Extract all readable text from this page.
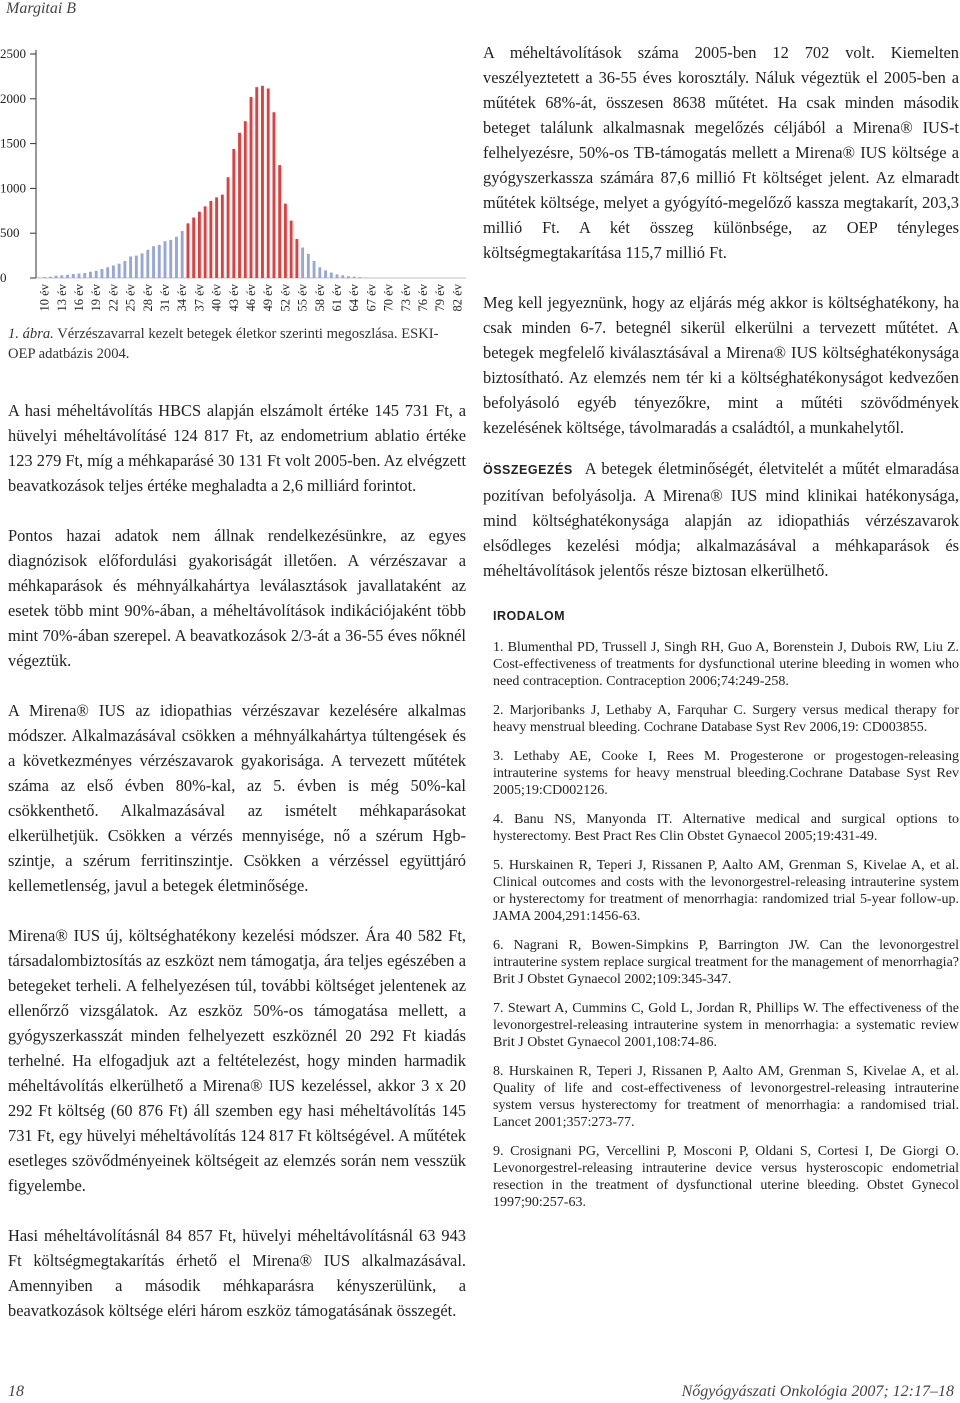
Margitai B
0
500
1000
1500
2000
2500
10 év 13 év 16 év 19 év 22 év 25 év 28 év 31 év 34 év 37 év 40 év 43 év 46 év 49 év 52 év 55 év 58 év 61 év 64 év 67 év 70 év 73 év 76 év 79 év 82 év
1. ábra. Vérzészavarral kezelt betegek életkor szerinti megoszlása. ESKI-OEP adatbázis 2004.

A hasi méheltávolítás HBCS alapján elszámolt értéke 145 731 Ft, a hüvelyi méheltávolításé 124 817 Ft, az endometrium ablatio értéke 123 279 Ft, míg a méhkaparásé 30 131 Ft volt 2005-ben. Az elvégzett beavatkozások teljes értéke meghaladta a 2,6 milliárd forintot.

Pontos hazai adatok nem állnak rendelkezésünkre, az egyes diagnózisok előfordulási gyakoriságát illetően. A vérzészavar a méhkaparások és méhnyálkahártya leválasztások javallataként az esetek több mint 90%-ában, a méheltávolítások indikációjaként több mint 70%-ában szerepel. A beavatkozások 2/3-át a 36-55 éves nőknél végeztük.

A Mirena® IUS az idiopathias vérzészavar kezelésére alkalmas módszer. Alkalmazásával csökken a méhnyálkahártya túltengések és a következményes vérzészavarok gyakorisága. A tervezett műtétek száma az első évben 80%-kal, az 5. évben is még 50%-kal csökkenthető. Alkalmazásával az ismételt méhkaparásokat elkerülhetjük. Csökken a vérzés mennyisége, nő a szérum Hgb-szintje, a szérum ferritinszintje. Csökken a vérzéssel együttjáró kellemetlenség, javul a betegek életminősége.

Mirena® IUS új, költséghatékony kezelési módszer. Ára 40 582 Ft, társadalombiztosítás az eszközt nem támogatja, ára teljes egészében a betegeket terheli. A felhelyezésen túl, további költséget jelentenek az ellenőrző vizsgálatok. Az eszköz 50%-os támogatása mellett, a gyógyszerkasszát minden felhelyezett eszköznél 20 292 Ft kiadás terhelné. Ha elfogadjuk azt a feltételezést, hogy minden harmadik méheltávolítás elkerülhető a Mirena® IUS kezeléssel, akkor 3 x 20 292 Ft költség (60 876 Ft) áll szemben egy hasi méheltávolítás 145 731 Ft, egy hüvelyi méheltávolítás 124 817 Ft költségével. A műtétek esetleges szövődményeinek költségeit az elemzés során nem vesszük figyelembe.

Hasi méheltávolításnál 84 857 Ft, hüvelyi méheltávolításnál 63 943 Ft költségmegtakarítás érhető el Mirena® IUS alkalmazásával. Amennyiben a második méhkaparásra kényszerülünk, a beavatkozások költsége eléri három eszköz támogatásának összegét.

A méheltávolítások száma 2005-ben 12 702 volt. Kiemelten veszélyeztetett a 36-55 éves korosztály. Náluk végeztük el 2005-ben a műtétek 68%-át, összesen 8638 műtétet. Ha csak minden második beteget találunk alkalmasnak megelőzés céljából a Mirena® IUS-t felhelyezésre, 50%-os TB-támogatás mellett a Mirena® IUS költsége a gyógyszerkassza számára 87,6 millió Ft költséget jelent. Az elmaradt műtétek költsége, melyet a gyógyító-megelőző kassza megtakarít, 203,3 millió Ft. A két összeg különbsége, az OEP tényleges költségmegtakarítása 115,7 millió Ft.

Meg kell jegyeznünk, hogy az eljárás még akkor is költséghatékony, ha csak minden 6-7. betegnél sikerül elkerülni a tervezett műtétet. A betegek megfelelő kiválasztásával a Mirena® IUS költséghatékonysága biztosítható. Az elemzés nem tér ki a költséghatékonyságot kedvezően befolyásoló egyéb tényezőkre, mint a műtéti szövődmények kezelésének költsége, távolmaradás a családtól, a munkahelytől.

ÖSSZEGEZÉS A betegek életminőségét, életvitelét a műtét elmaradása pozitívan befolyásolja. A Mirena® IUS mind klinikai hatékonysága, mind költséghatékonysága alapján az idiopathiás vérzészavarok elsődleges kezelési módja; alkalmazásával a méhkaparások és méheltávolítások jelentős része biztosan elkerülhető.

IRODALOM

1. Blumenthal PD, Trussell J, Singh RH, Guo A, Borenstein J, Dubois RW, Liu Z. Cost-effectiveness of treatments for dysfunctional uterine bleeding in women who need contraception. Contraception 2006;74:249-258.

2. Marjoribanks J, Lethaby A, Farquhar C. Surgery versus medical therapy for heavy menstrual bleeding. Cochrane Database Syst Rev 2006,19: CD003855.

3. Lethaby AE, Cooke I, Rees M. Progesterone or progestogen-releasing intrauterine systems for heavy menstrual bleeding.Cochrane Database Syst Rev 2005;19:CD002126.

4. Banu NS, Manyonda IT. Alternative medical and surgical options to hysterectomy. Best Pract Res Clin Obstet Gynaecol 2005;19:431-49.

5. Hurskainen R, Teperi J, Rissanen P, Aalto AM, Grenman S, Kivelae A, et al. Clinical outcomes and costs with the levonorgestrel-releasing intrauterine system or hysterectomy for treatment of menorrhagia: randomized trial 5-year follow-up. JAMA 2004,291:1456-63.

6. Nagrani R, Bowen-Simpkins P, Barrington JW. Can the levonorgestrel intrauterine system replace surgical treatment for the management of menorrhagia? Brit J Obstet Gynaecol 2002;109:345-347.

7. Stewart A, Cummins C, Gold L, Jordan R, Phillips W. The effectiveness of the levonorgestrel-releasing intrauterine system in menorrhagia: a systematic review Brit J Obstet Gynaecol 2001,108:74-86.

8. Hurskainen R, Teperi J, Rissanen P, Aalto AM, Grenman S, Kivelae A, et al. Quality of life and cost-effectiveness of levonorgestrel-releasing intrauterine system versus hysterectomy for treatment of menorrhagia: a randomised trial. Lancet 2001;357:273-77.

9. Crosignani PG, Vercellini P, Mosconi P, Oldani S, Cortesi I, De Giorgi O. Levonorgestrel-releasing intrauterine device versus hysteroscopic endometrial resection in the treatment of dysfunctional uterine bleeding. Obstet Gynecol 1997;90:257-63.

18	Nőgyógyászati Onkológia 2007; 12:17–18
